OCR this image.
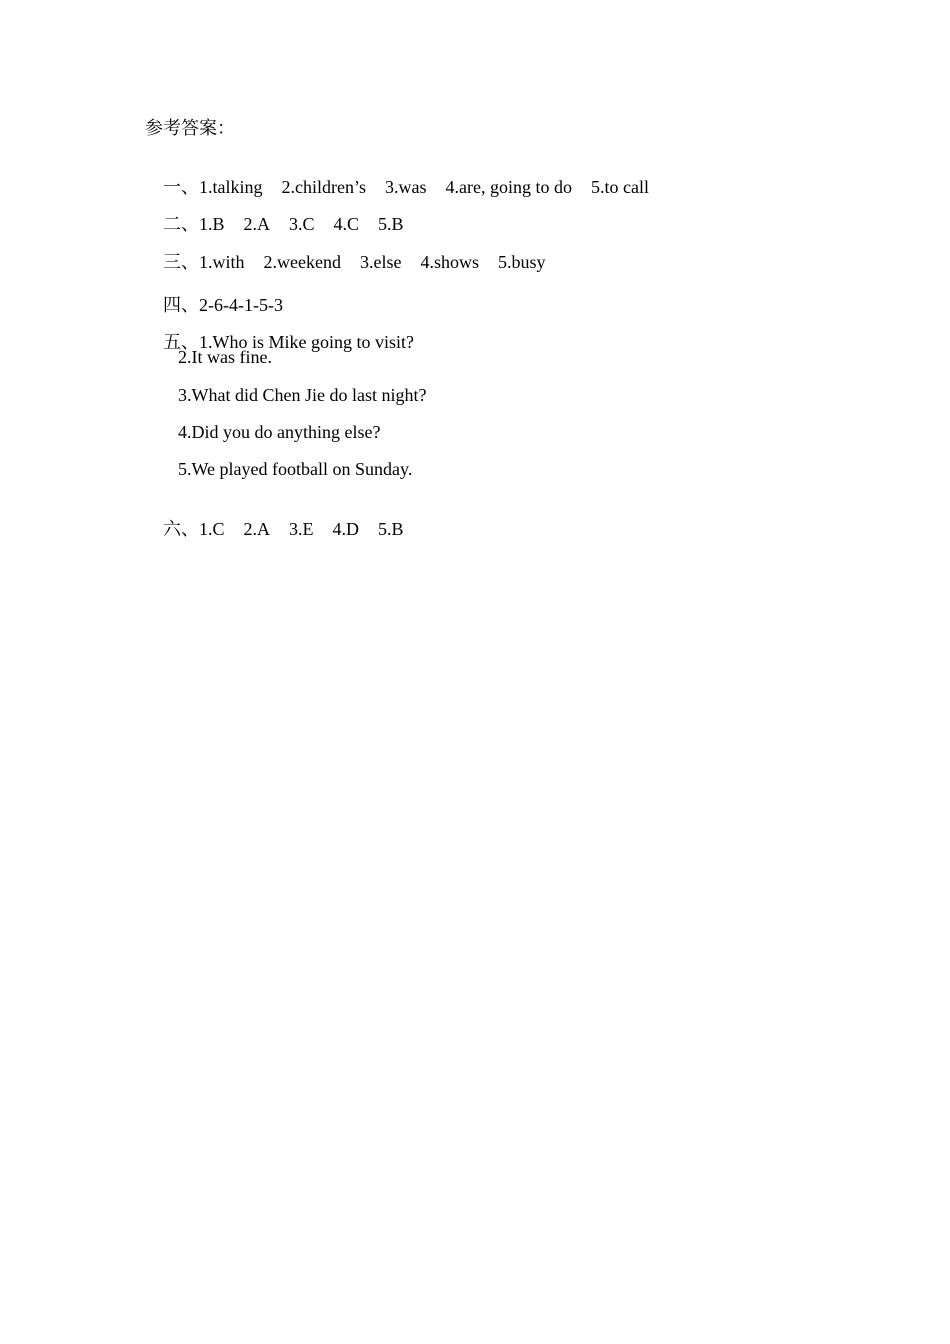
参考答案：

一、1.talking 2.children’s 3.was 4.are, going to do 5.to call

二、1.B 2.A 3.C 4.C 5.B

三、1.with 2.weekend 3.else 4.shows 5.busy

四、2-6-4-1-5-3

五、1.Who is Mike going to visit?

2.It was fine.
3.What did Chen Jie do last night?
4.Did you do anything else?
5.We played football on Sunday.

六、1.C 2.A 3.E 4.D 5.B
